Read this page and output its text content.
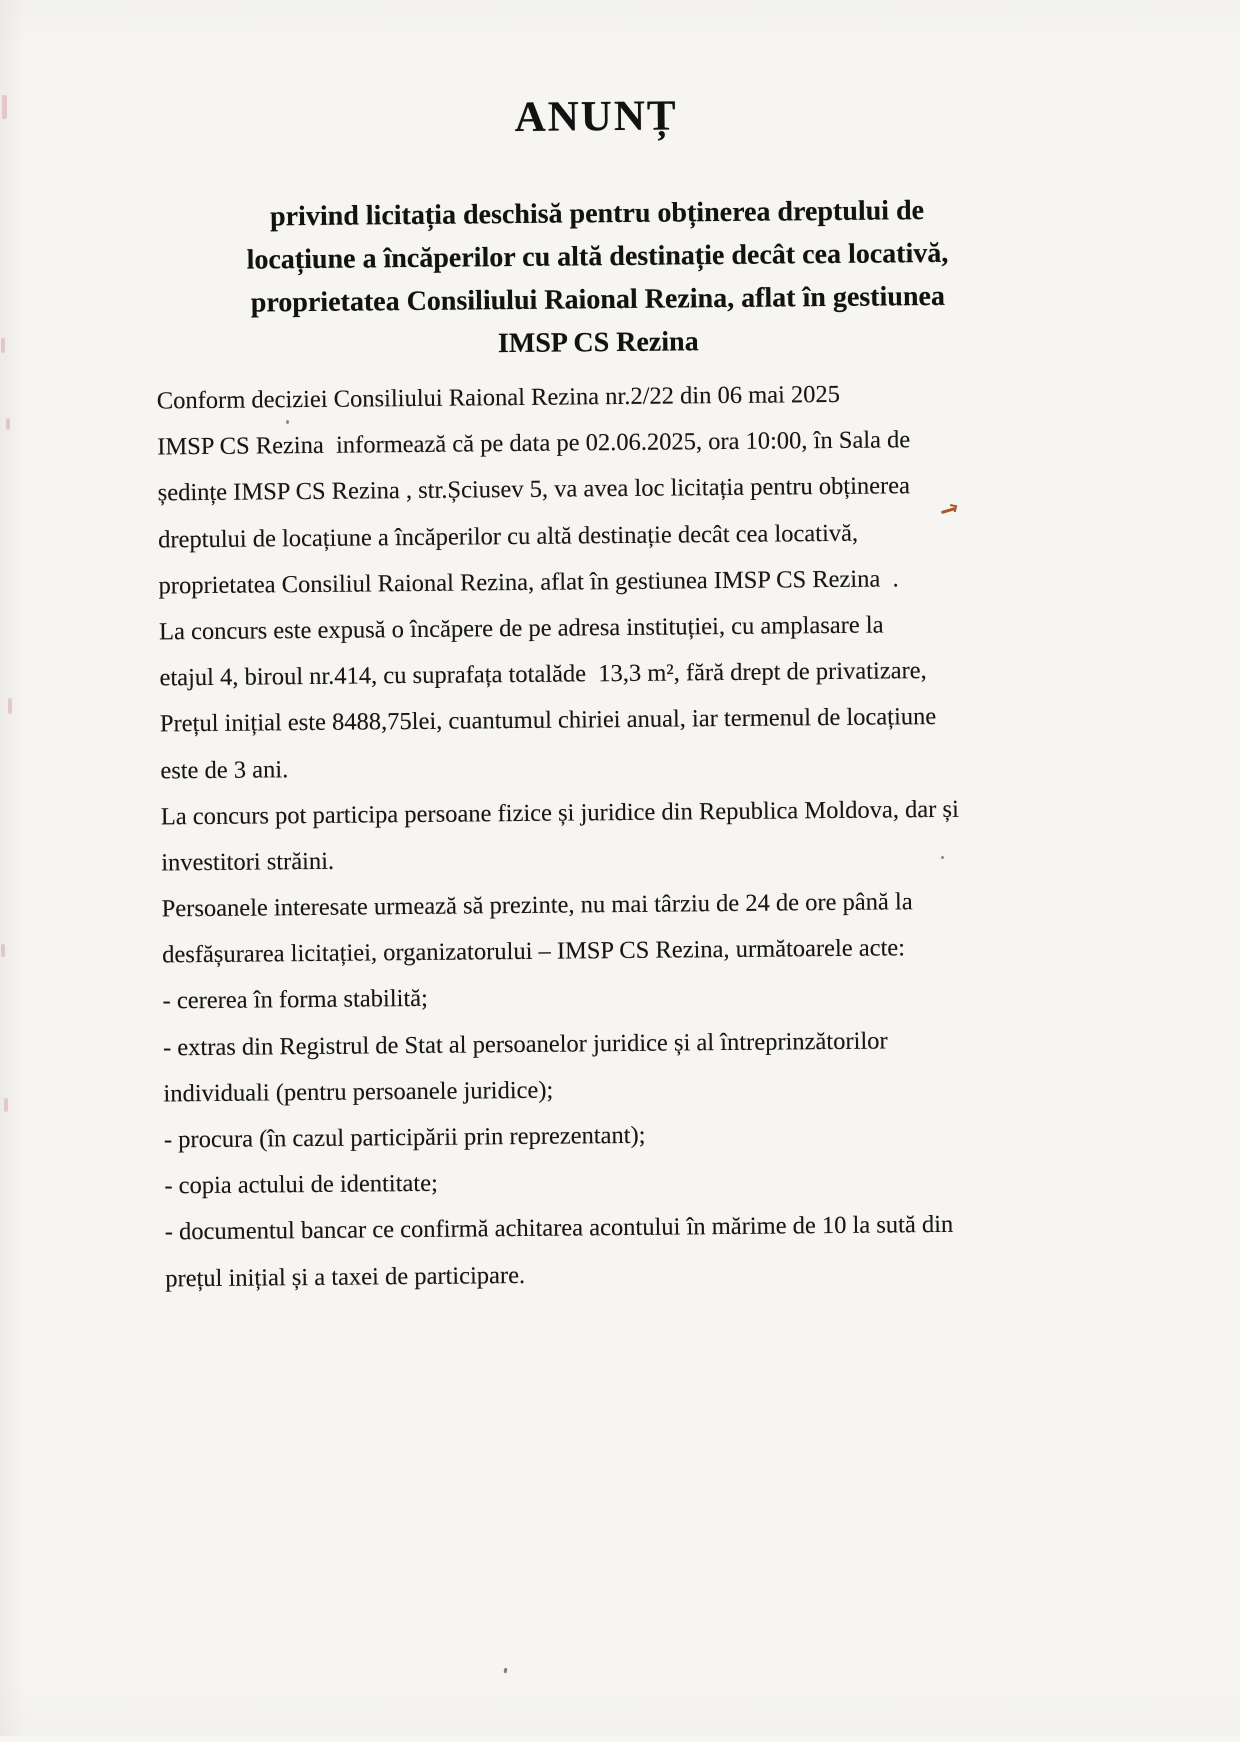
ANUNȚ
privind licitația deschisă pentru obținerea dreptului de
locațiune a încăperilor cu altă destinație decât cea locativă,
proprietatea Consiliului Raional Rezina, aflat în gestiunea
IMSP CS Rezina
Conform deciziei Consiliului Raional Rezina nr.2/22 din 06 mai 2025
IMSP CS Rezina  informează că pe data pe 02.06.2025, ora 10:00, în Sala de
ședințe IMSP CS Rezina , str.Șciusev 5, va avea loc licitația pentru obținerea
dreptului de locațiune a încăperilor cu altă destinație decât cea locativă,
proprietatea Consiliul Raional Rezina, aflat în gestiunea IMSP CS Rezina  .
La concurs este expusă o încăpere de pe adresa instituției, cu amplasare la
etajul 4, biroul nr.414, cu suprafața totalăde  13,3 m², fără drept de privatizare,
Prețul inițial este 8488,75lei, cuantumul chiriei anual, iar termenul de locațiune
este de 3 ani.
La concurs pot participa persoane fizice și juridice din Republica Moldova, dar și
investitori străini.
Persoanele interesate urmează să prezinte, nu mai târziu de 24 de ore până la
desfășurarea licitației, organizatorului – IMSP CS Rezina, următoarele acte:
- cererea în forma stabilită;
- extras din Registrul de Stat al persoanelor juridice și al întreprinzătorilor
individuali (pentru persoanele juridice);
- procura (în cazul participării prin reprezentant);
- copia actului de identitate;
- documentul bancar ce confirmă achitarea acontului în mărime de 10 la sută din
prețul inițial și a taxei de participare.
